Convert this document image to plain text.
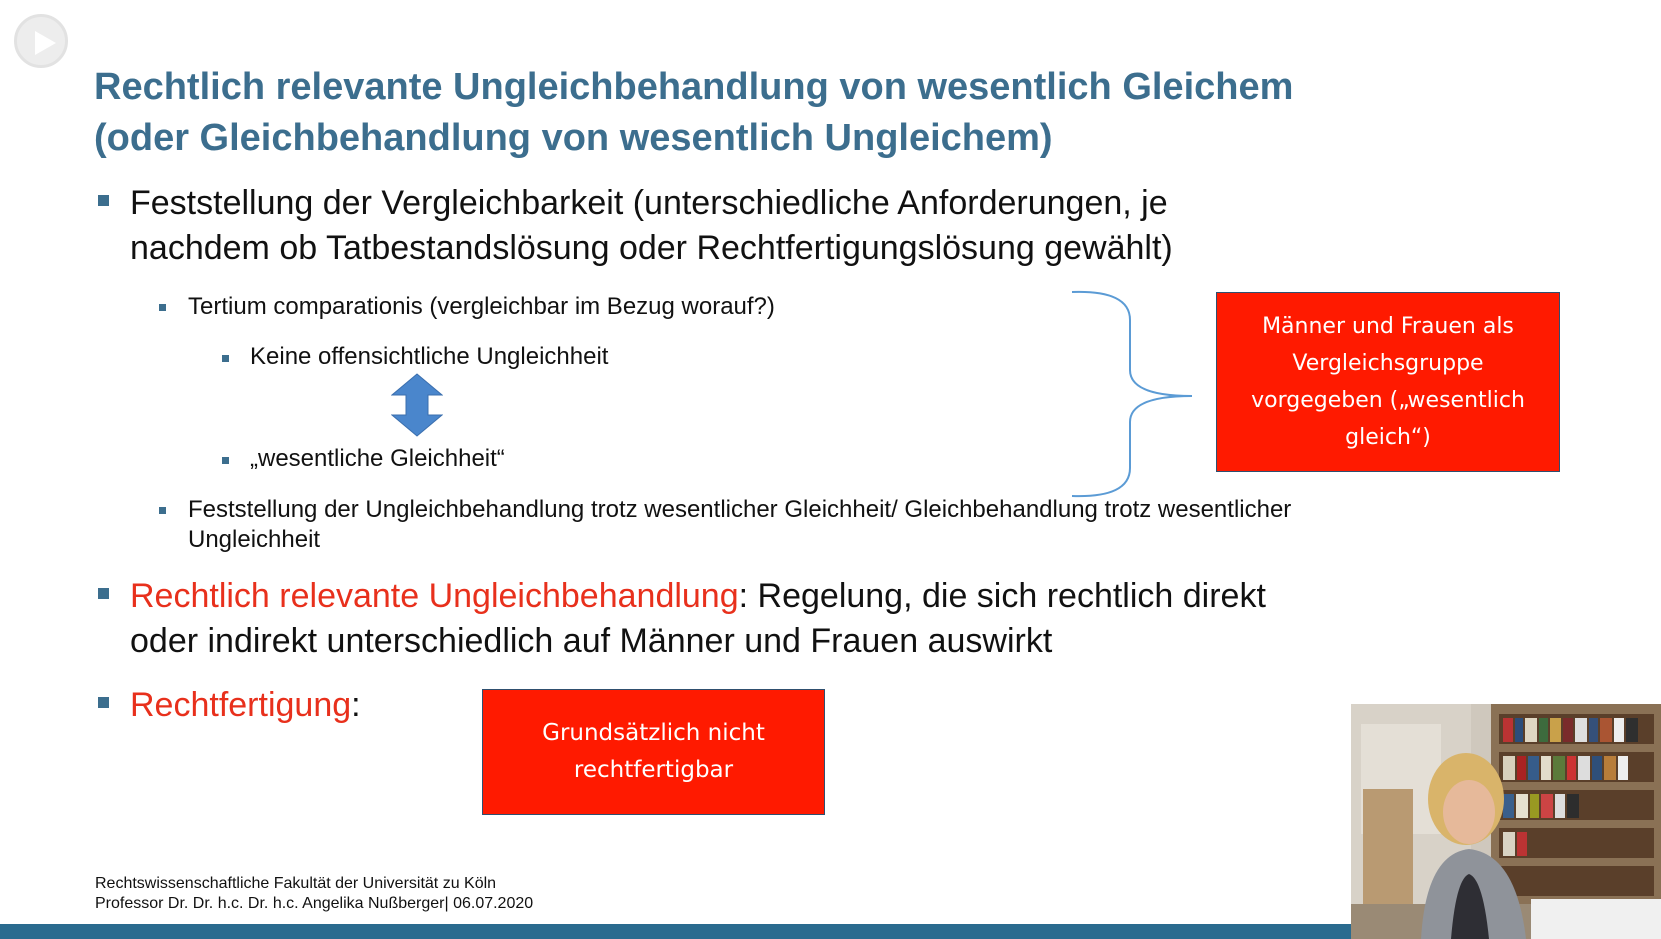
Rechtlich relevante Ungleichbehandlung von wesentlich Gleichem
(oder Gleichbehandlung von wesentlich Ungleichem)
Feststellung der Vergleichbarkeit (unterschiedliche Anforderungen, je
nachdem ob Tatbestandslösung oder Rechtfertigungslösung gewählt)
Tertium comparationis (vergleichbar im Bezug worauf?)
Keine offensichtliche Ungleichheit
„wesentliche Gleichheit“
Feststellung der Ungleichbehandlung trotz wesentlicher Gleichheit/ Gleichbehandlung trotz wesentlicher
Ungleichheit
Männer und Frauen als
Vergleichsgruppe
vorgegeben („wesentlich
gleich“)
Rechtlich relevante Ungleichbehandlung: Regelung, die sich rechtlich direkt
oder indirekt unterschiedlich auf Männer und Frauen auswirkt
Rechtfertigung:
Grundsätzlich nicht
rechtfertigbar
Rechtswissenschaftliche Fakultät der Universität zu Köln
Professor Dr. Dr. h.c. Dr. h.c. Angelika Nußberger| 06.07.2020
